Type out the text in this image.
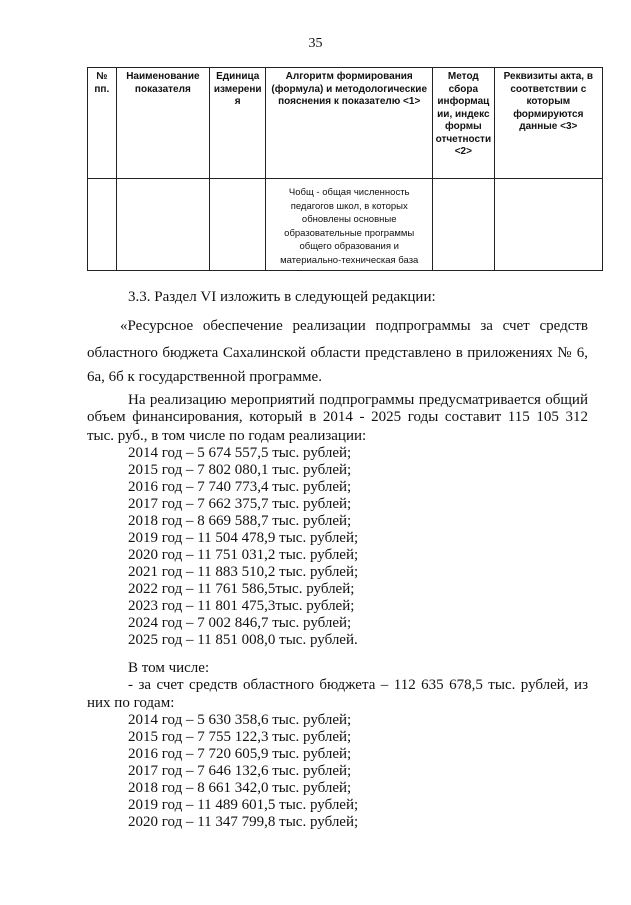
35
№ пп.	Наименование показателя	Единица измерения	Алгоритм формирования (формула) и методологические пояснения к показателю <1>	Метод сбора информации, индекс формы отчетности <2>	Реквизиты акта, в соответствии с которым формируются данные <3>
			Чобщ - общая численность педагогов школ, в которых обновлены основные образовательные программы общего образования и материально-техническая база		
3.3. Раздел VI изложить в следующей редакции:
«Ресурсное обеспечение реализации подпрограммы за счет средств
областного бюджета Сахалинской области представлено в приложениях № 6,
6а, 6б к государственной программе.
На реализацию мероприятий подпрограммы предусматривается общий
объем финансирования, который в 2014 - 2025 годы составит 115 105 312
тыс. руб., в том числе по годам реализации:
2014 год – 5 674 557,5 тыс. рублей;
2015 год – 7 802 080,1 тыс. рублей;
2016 год – 7 740 773,4 тыс. рублей;
2017 год – 7 662 375,7 тыс. рублей;
2018 год – 8 669 588,7 тыс. рублей;
2019 год – 11 504 478,9 тыс. рублей;
2020 год – 11 751 031,2 тыс. рублей;
2021 год – 11 883 510,2 тыс. рублей;
2022 год – 11 761 586,5тыс. рублей;
2023 год – 11 801 475,3тыс. рублей;
2024 год – 7 002 846,7 тыс. рублей;
2025 год – 11 851 008,0 тыс. рублей.
В том числе:
- за счет средств областного бюджета – 112 635 678,5 тыс. рублей, из
них по годам:
2014 год – 5 630 358,6 тыс. рублей;
2015 год – 7 755 122,3 тыс. рублей;
2016 год – 7 720 605,9 тыс. рублей;
2017 год – 7 646 132,6 тыс. рублей;
2018 год – 8 661 342,0 тыс. рублей;
2019 год – 11 489 601,5 тыс. рублей;
2020 год – 11 347 799,8 тыс. рублей;
